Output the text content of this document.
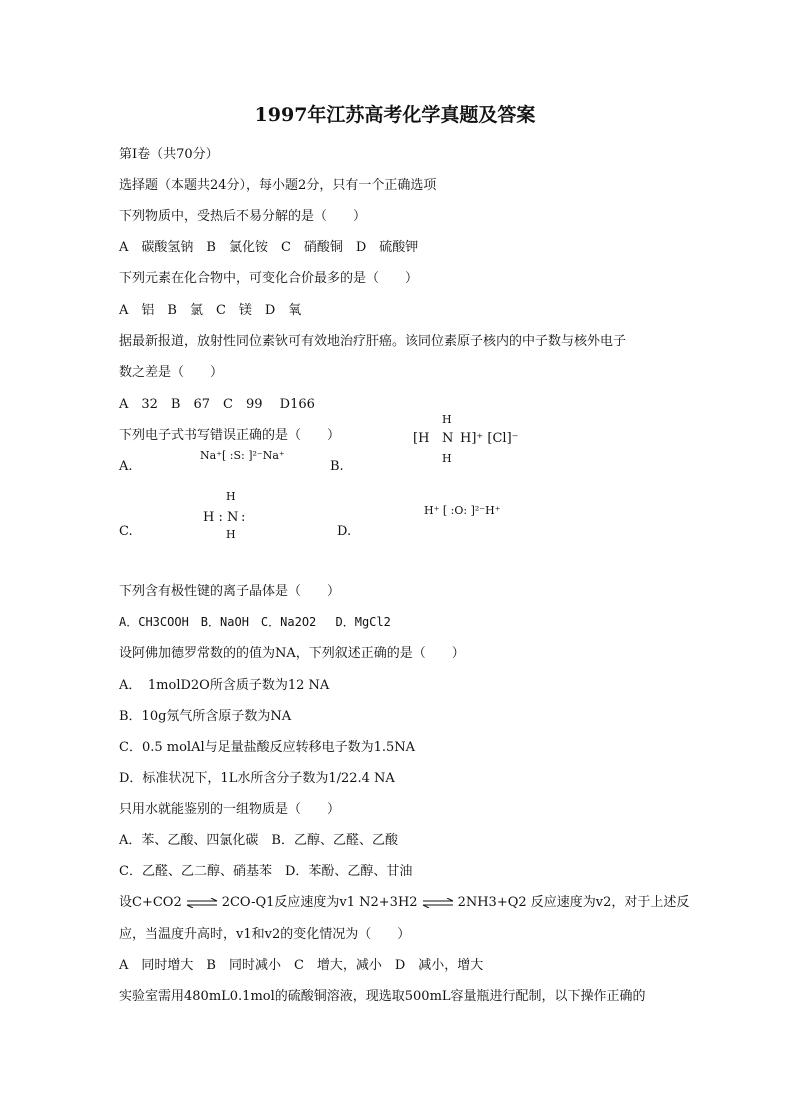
1997年江苏高考化学真题及答案
第Ⅰ卷（共70分）
选择题（本题共24分），每小题2分，只有一个正确选项
下列物质中，受热后不易分解的是（　　）
A　碳酸氢钠　B　氯化铵　C　硝酸铜　D　硫酸钾
下列元素在化合物中，可变化合价最多的是（　　）
A　铝　B　氯　C　镁　D　氧
据最新报道，放射性同位素钬可有效地治疗肝癌。该同位素原子核内的中子数与核外电子
数之差是（　　）
A　32　B　67　C　99　 D166
下列电子式书写错误正确的是（　　）
A.
Na⁺[ :S: ]²⁻Na⁺
B.
H
[H N H]⁺ [Cl]⁻
H
C.
H
H : N :
H	D.
H⁺ [ :O: ]²⁻H⁺
下列含有极性键的离子晶体是（　　）
A．CH3COOH　B．NaOH　C．Na2O2　 D．MgCl2
设阿佛加德罗常数的的值为NA，下列叙述正确的是（　　）
A．　1molD2O所含质子数为12 NA
B．10g氖气所含原子数为NA
C．0.5 molAl与足量盐酸反应转移电子数为1.5NA
D．标准状况下，1L水所含分子数为1/22.4 NA
只用水就能鉴别的一组物质是（　　）
A．苯、乙酸、四氯化碳　B．乙醇、乙醛、乙酸
C．乙醛、乙二醇、硝基苯　D．苯酚、乙醇、甘油
设C+CO2 ⇌ 2CO-Q1反应速度为v1 N2+3H2 ⇌ 2NH3+Q2 反应速度为v2，对于上述反
应，当温度升高时，v1和v2的变化情况为（　　）
A　同时增大　B　同时减小　C　增大，减小　D　减小，增大
实验室需用480mL0.1mol的硫酸铜溶液，现选取500mL容量瓶进行配制，以下操作正确的
